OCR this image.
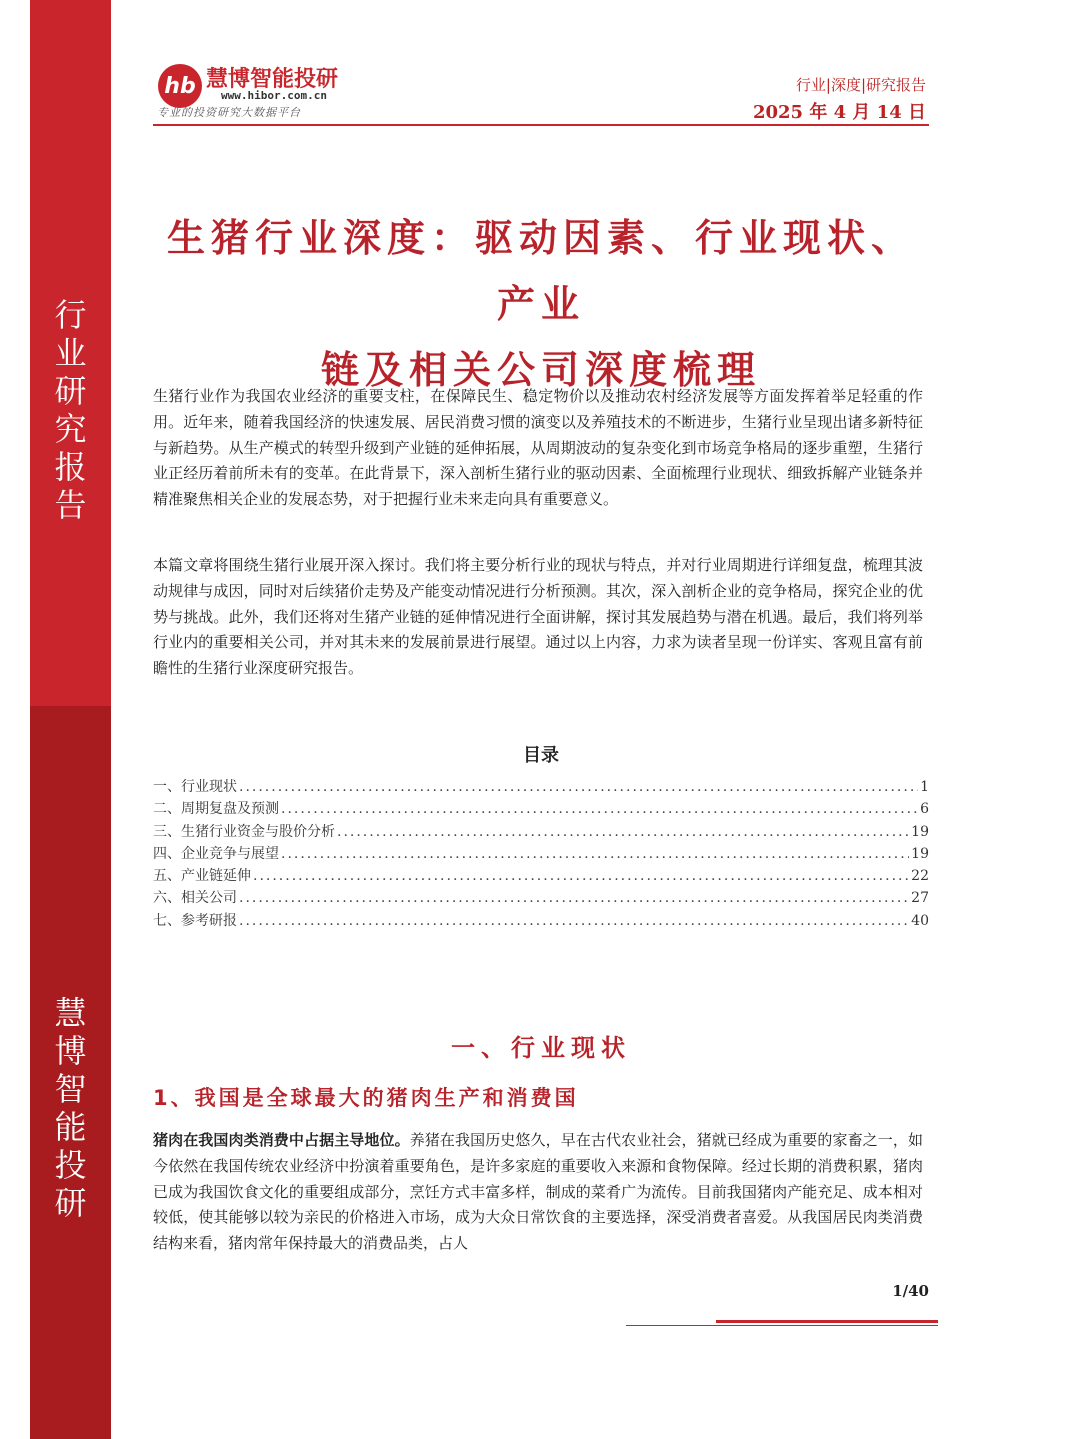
行
业
研
究
报
告
慧
博
智
能
投
研
hb 慧博智能投研
www.hibor.com.cn
专业的投资研究大数据平台
行业|深度|研究报告
2025 年 4 月 14 日
生猪行业深度：驱动因素、行业现状、产业
链及相关公司深度梳理
生猪行业作为我国农业经济的重要支柱，在保障民生、稳定物价以及推动农村经济发展等方面发挥着举足轻重的作用。近年来，随着我国经济的快速发展、居民消费习惯的演变以及养殖技术的不断进步，生猪行业呈现出诸多新特征与新趋势。从生产模式的转型升级到产业链的延伸拓展，从周期波动的复杂变化到市场竞争格局的逐步重塑，生猪行业正经历着前所未有的变革。在此背景下，深入剖析生猪行业的驱动因素、全面梳理行业现状、细致拆解产业链条并精准聚焦相关企业的发展态势，对于把握行业未来走向具有重要意义。
本篇文章将围绕生猪行业展开深入探讨。我们将主要分析行业的现状与特点，并对行业周期进行详细复盘，梳理其波动规律与成因，同时对后续猪价走势及产能变动情况进行分析预测。其次，深入剖析企业的竞争格局，探究企业的优势与挑战。此外，我们还将对生猪产业链的延伸情况进行全面讲解，探讨其发展趋势与潜在机遇。最后，我们将列举行业内的重要相关公司，并对其未来的发展前景进行展望。通过以上内容，力求为读者呈现一份详实、客观且富有前瞻性的生猪行业深度研究报告。
目录
一、行业现状 .....	1
二、周期复盘及预测 .....	6
三、生猪行业资金与股价分析 .....	19
四、企业竞争与展望 .....	19
五、产业链延伸 .....	22
六、相关公司 .....	27
七、参考研报 .....	40
一、行业现状
1、我国是全球最大的猪肉生产和消费国
猪肉在我国肉类消费中占据主导地位。养猪在我国历史悠久，早在古代农业社会，猪就已经成为重要的家畜之一，如今依然在我国传统农业经济中扮演着重要角色，是许多家庭的重要收入来源和食物保障。经过长期的消费积累，猪肉已成为我国饮食文化的重要组成部分，烹饪方式丰富多样，制成的菜肴广为流传。目前我国猪肉产能充足、成本相对较低，使其能够以较为亲民的价格进入市场，成为大众日常饮食的主要选择，深受消费者喜爱。从我国居民肉类消费结构来看，猪肉常年保持最大的消费品类，占人
1/40
